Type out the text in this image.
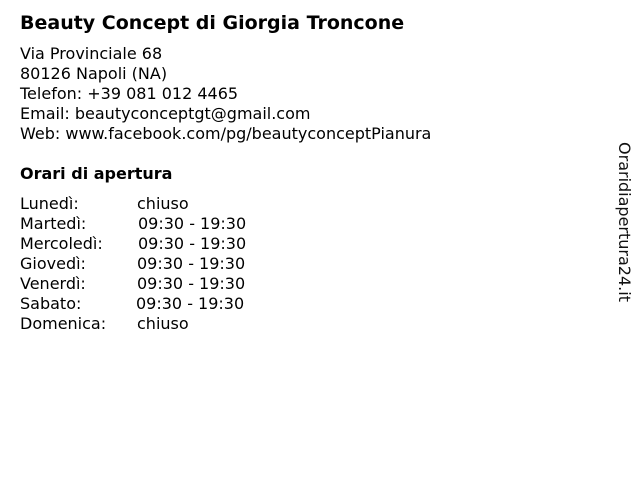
Beauty Concept di Giorgia Troncone
Via Provinciale 68
80126 Napoli (NA)
Telefon: +39 081 012 4465
Email: beautyconceptgt@gmail.com
Web: www.facebook.com/pg/beautyconceptPianura
Orari di apertura
Lunedì:	chiuso
Martedì:	09:30 - 19:30
Mercoledì: 09:30 - 19:30
Giovedì:	09:30 - 19:30
Venerdì:	09:30 - 19:30
Sabato:	09:30 - 19:30
Domenica: chiuso
Oraridiapertura24.it
